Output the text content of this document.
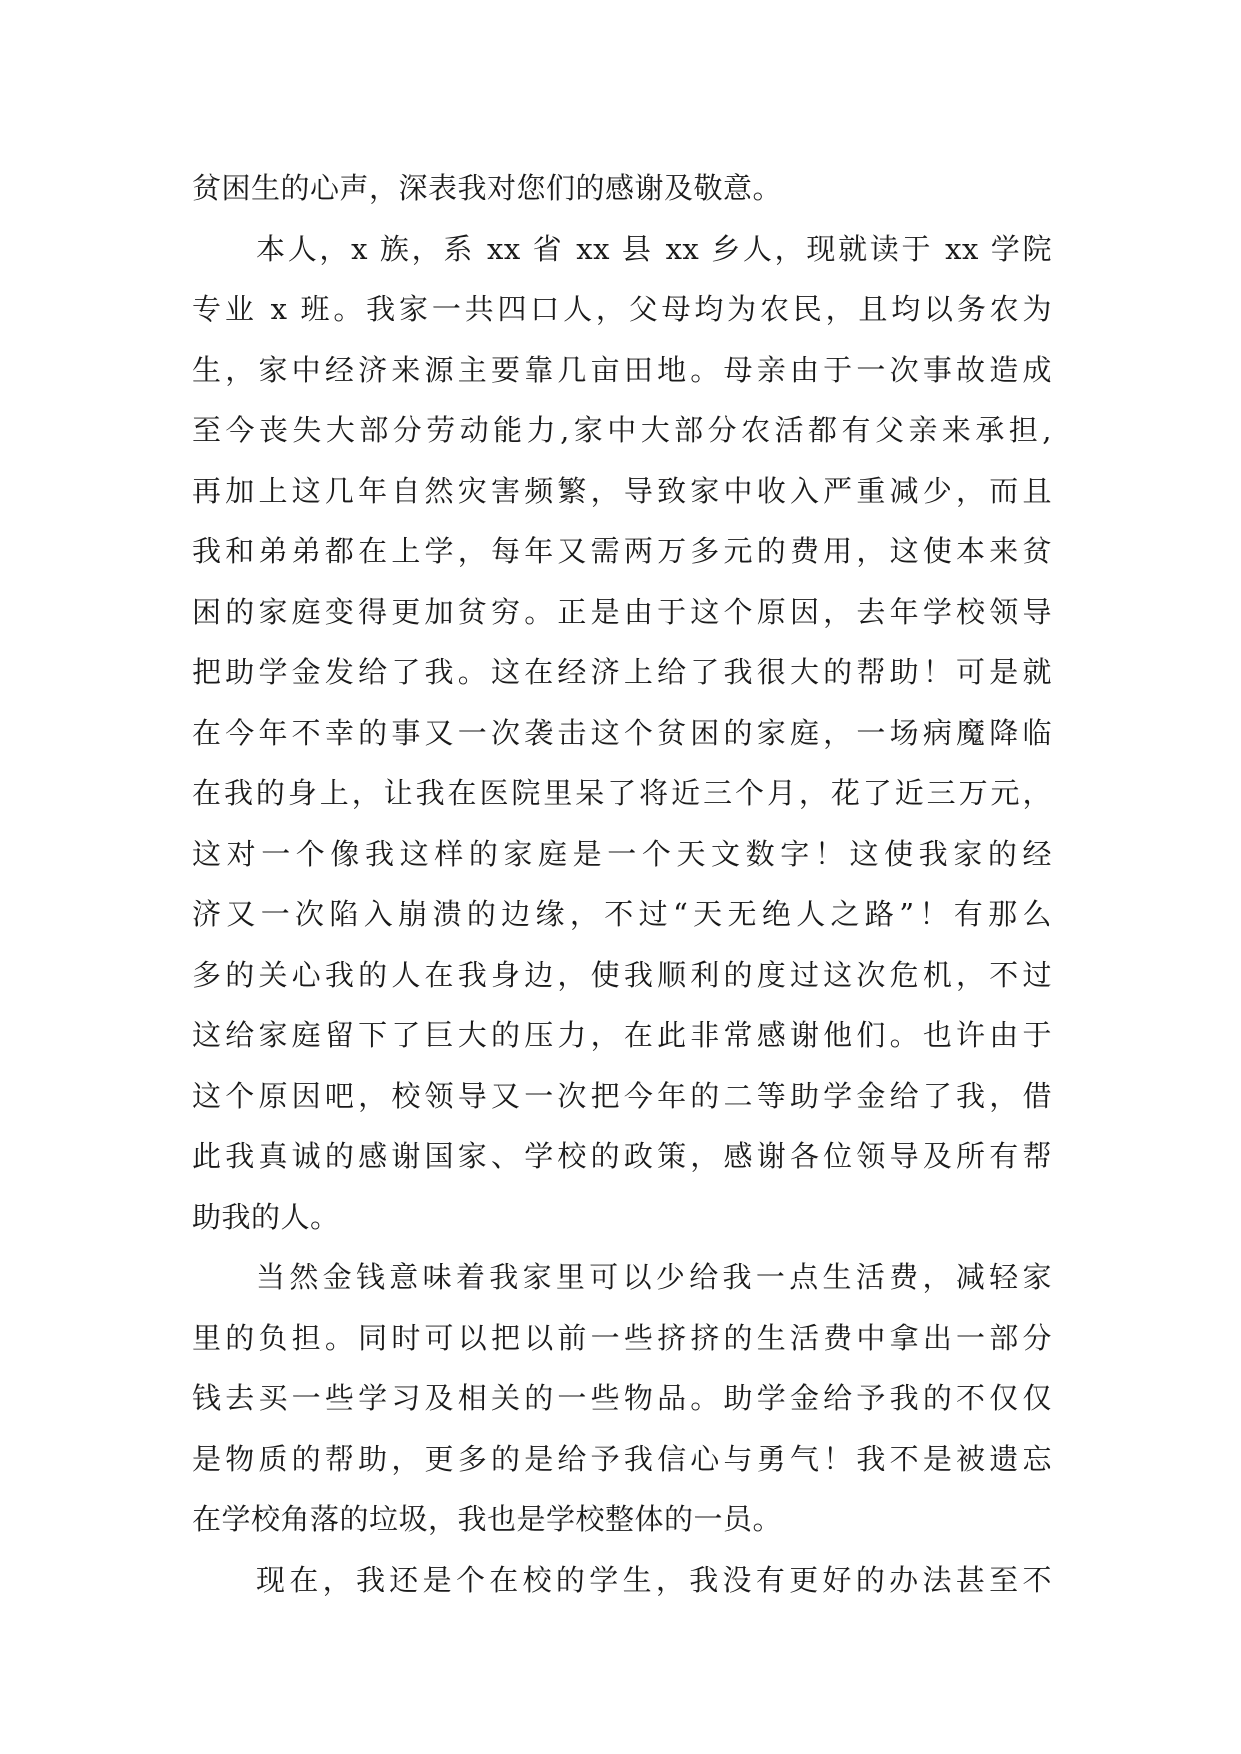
贫困生的心声，深表我对您们的感谢及敬意。
本人，x 族，系 xx 省 xx 县 xx 乡人，现就读于 xx 学院
专业 x 班。我家一共四口人，父母均为农民，且均以务农为
生，家中经济来源主要靠几亩田地。母亲由于一次事故造成
至今丧失大部分劳动能力,家中大部分农活都有父亲来承担,
再加上这几年自然灾害频繁，导致家中收入严重减少，而且
我和弟弟都在上学，每年又需两万多元的费用，这使本来贫
困的家庭变得更加贫穷。正是由于这个原因，去年学校领导
把助学金发给了我。这在经济上给了我很大的帮助！可是就
在今年不幸的事又一次袭击这个贫困的家庭，一场病魔降临
在我的身上，让我在医院里呆了将近三个月，花了近三万元，
这对一个像我这样的家庭是一个天文数字！这使我家的经
济又一次陷入崩溃的边缘，不过“天无绝人之路”！有那么
多的关心我的人在我身边，使我顺利的度过这次危机，不过
这给家庭留下了巨大的压力，在此非常感谢他们。也许由于
这个原因吧，校领导又一次把今年的二等助学金给了我，借
此我真诚的感谢国家、学校的政策，感谢各位领导及所有帮
助我的人。
当然金钱意味着我家里可以少给我一点生活费，减轻家
里的负担。同时可以把以前一些挤挤的生活费中拿出一部分
钱去买一些学习及相关的一些物品。助学金给予我的不仅仅
是物质的帮助，更多的是给予我信心与勇气！我不是被遗忘
在学校角落的垃圾，我也是学校整体的一员。
现在，我还是个在校的学生，我没有更好的办法甚至不
